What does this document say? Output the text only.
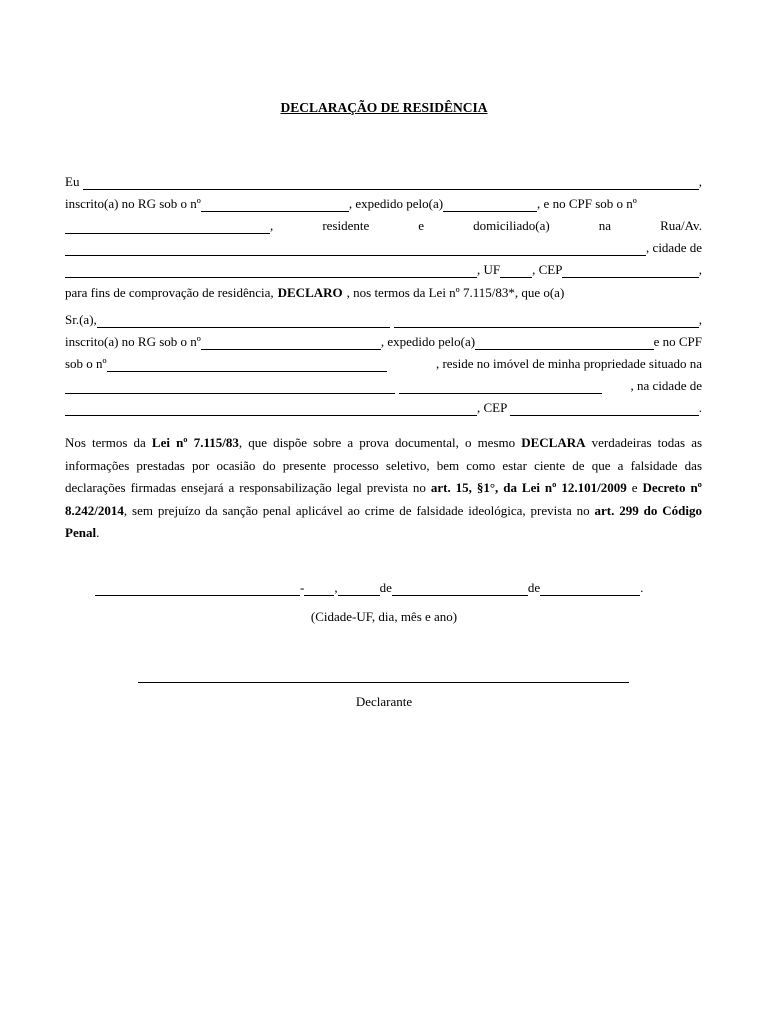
DECLARAÇÃO DE RESIDÊNCIA
Eu	,
inscrito(a) no RG sob o nº	, expedido pelo(a)	, e no CPF sob o nº
,	residente	e	domiciliado(a)	na	Rua/Av.
, cidade de
, UF , CEP	,
para fins de comprovação de residência, DECLARO , nos termos da Lei nº 7.115/83*, que o(a)
Sr.(a),	,
inscrito(a) no RG sob o nº	, expedido pelo(a)	e no CPF
sob o nº	, reside no imóvel de minha propriedade situado na
, na cidade de
, CEP	.
Nos termos da Lei nº 7.115/83, que dispõe sobre a prova documental, o mesmo DECLARA verdadeiras todas as informações prestadas por ocasião do presente processo seletivo, bem como estar ciente de que a falsidade das declarações firmadas ensejará a responsabilização legal prevista no art. 15, §1°, da Lei nº 12.101/2009 e Decreto nº 8.242/2014, sem prejuízo da sanção penal aplicável ao crime de falsidade ideológica, prevista no art. 299 do Código Penal.
- ,	de	de	.
(Cidade-UF, dia, mês e ano)
Declarante
